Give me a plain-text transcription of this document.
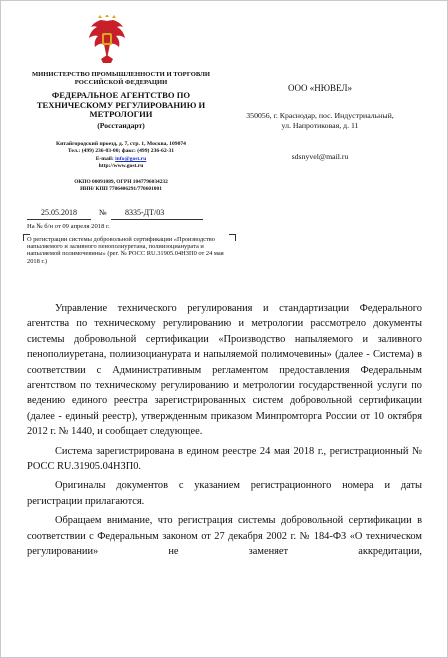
МИНИСТЕРСТВО ПРОМЫШЛЕННОСТИ И ТОРГОВЛИ РОССИЙСКОЙ ФЕДЕРАЦИИ
ФЕДЕРАЛЬНОЕ АГЕНТСТВО ПО ТЕХНИЧЕСКОМУ РЕГУЛИРОВАНИЮ И МЕТРОЛОГИИ
(Росстандарт)
Китайгородский проезд, д. 7, стр. 1, Москва, 109074
Тел.: (499) 236-03-00; факс: (499) 236-62-31
E-mail: info@gost.ru
http://www.gost.ru
ОКПО 00091089, ОГРН 1047796034232
ИНН/ КПП 7706406291/770601001
ООО «НЮВЕЛ»
350056, г. Краснодар, пос. Индустриальный,
ул. Напротиковая, д. 11
sdsnyvel@mail.ru
25.05.2018	№ 8335-ДТ/03
На № б/н от 09 апреля 2018 г.
О регистрации системы добровольной сертификации «Производство напыляемого и заливного пенополиуретана, полиизоцианурата и напыляемой полимочевины» (рег. № РОСС RU.31905.04НЗП0 от 24 мая 2018 г.)

Управление технического регулирования и стандартизации Федерального агентства по техническому регулированию и метрологии рассмотрело документы системы добровольной сертификации «Производство напыляемого и заливного пенополиуретана, полиизоцианурата и напыляемой полимочевины» (далее - Система) в соответствии с Административным регламентом предоставления Федеральным агентством по техническому регулированию и метрологии государственной услуги по ведению единого реестра зарегистрированных систем добровольной сертификации (далее - единый реестр), утвержденным приказом Минпромторга России от 10 октября 2012 г. № 1440, и сообщает следующее.

Система зарегистрирована в едином реестре 24 мая 2018 г., регистрационный № РОСС RU.31905.04НЗП0.

Оригиналы документов с указанием регистрационного номера и даты регистрации прилагаются.

Обращаем внимание, что регистрация системы добровольной сертификации в соответствии с Федеральным законом от 27 декабря 2002 г. № 184-ФЗ «О техническом регулировании» не заменяет аккредитации,
